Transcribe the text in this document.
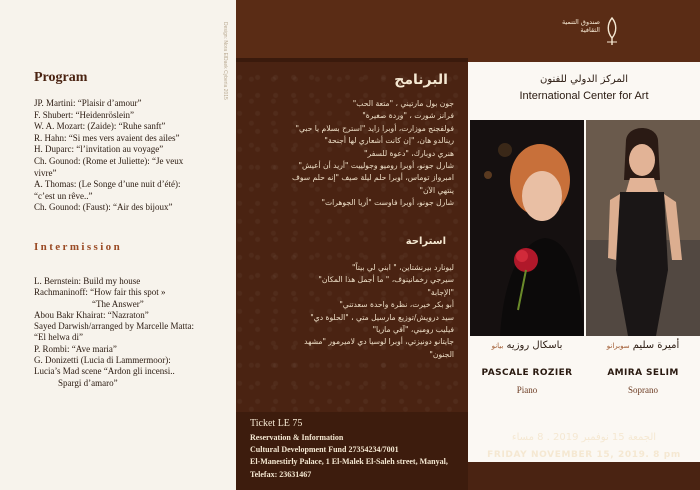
Design: Nora ElDaek Cyberia 2015
Program
JP. Martini: “Plaisir d’amour”
F. Shubert: “Heidenröslein”
W. A. Mozart: (Zaide): “Ruhe sanft”
R. Hahn: “Si mes vers avaient des ailes”
H. Duparc: “l’invitation au voyage”
Ch. Gounod: (Rome et Juliette): “Je veux
vivre”
A. Thomas: (Le Songe d’une nuit d’été):
“c’est un rêve..”
Ch. Gounod: (Faust): “Air des bijoux”
Intermission
L. Bernstein: Build my house
Rachmaninoff: “How fair this spot »
“The Answer”
Abou Bakr Khairat: “Nazraton”
Sayed Darwish/arranged by Marcelle Matta:
“El helwa di”
P. Rombi: “Ave maria”
G. Donizetti (Lucia di Lammermoor):
Lucia’s Mad scene “Ardon gli incensi..
Spargi d’amaro”
البرنامج
جون بول مارتيني ، "متعة الحب"
فرانز شورت ، "وردة صغيرة"
فولفجنج موزارت، أوبرا زايد "استرح بسلام يا حبي"
رينالدو هان، "إن كانت أشعاري لها أجنحة"
هنري دوبارك، "دعوة للسفر"
شارل جونو، أوبرا روميو وجولييت "أريد أن أعيش"
امبرواز توماس، أوبرا حلم ليلة صيف "إنه حلم سوف
ينتهي الآن"
شارل جونو، أوبرا فاوست "أريا الجوهرات"
استراحة
ليونارد بيرنشتاين، " ابني لي بيتاً"
سيرجي رخمانينوف، " ما أجمل هذا المكان"
"الإجابة"
أبو بكر خيرت، نظرة واحدة سعدتني"
سيد درويش/توزيع مارسيل متي ، "الحلوة دي"
فيليب رومبي، "آفي ماريا"
جايتانو دونيزتي، أوبرا لوسيا دي لاميرمور "مشهد
الجنون"
Ticket LE 75
Reservation & Information
Cultural Development Fund 27354234/7001
El-Manestirly Palace, 1 El-Malek El-Saleh street, Manyal,
Telefax: 23631467
صندوق التنمية الثقافية
المركز الدولي للفنون
International Center for Art
باسكال روزيه بيانو	أميرة سليم سوبرانو
PASCALE ROZIER	AMIRA SELIM
Piano	Soprano
الجمعة 15 نوفمبر 2019 . 8 مساء
FRIDAY NOVEMBER 15, 2019. 8 pm
